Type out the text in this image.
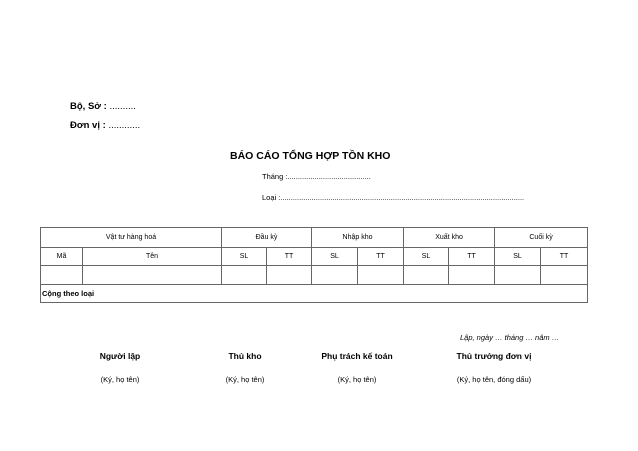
Bộ, Sở : ..........
Đơn vị : ............
BÁO CÁO TỔNG HỢP TỒN KHO
Tháng :........................................
Loại :.....................................................................................................................
Vật tư hàng hoá		Đầu kỳ		Nhập kho		Xuất kho		Cuối kỳ	
Mã	Tên	SL	TT	SL	TT	SL	TT	SL	TT

Cộng theo loại									
Lập, ngày … tháng … năm …
Người lập	Thủ kho	Phụ trách kế toán	Thủ trưởng đơn vị
(Ký, họ tên)	(Ký, họ tên)	(Ký, họ tên)	(Ký, họ tên, đóng dấu)
